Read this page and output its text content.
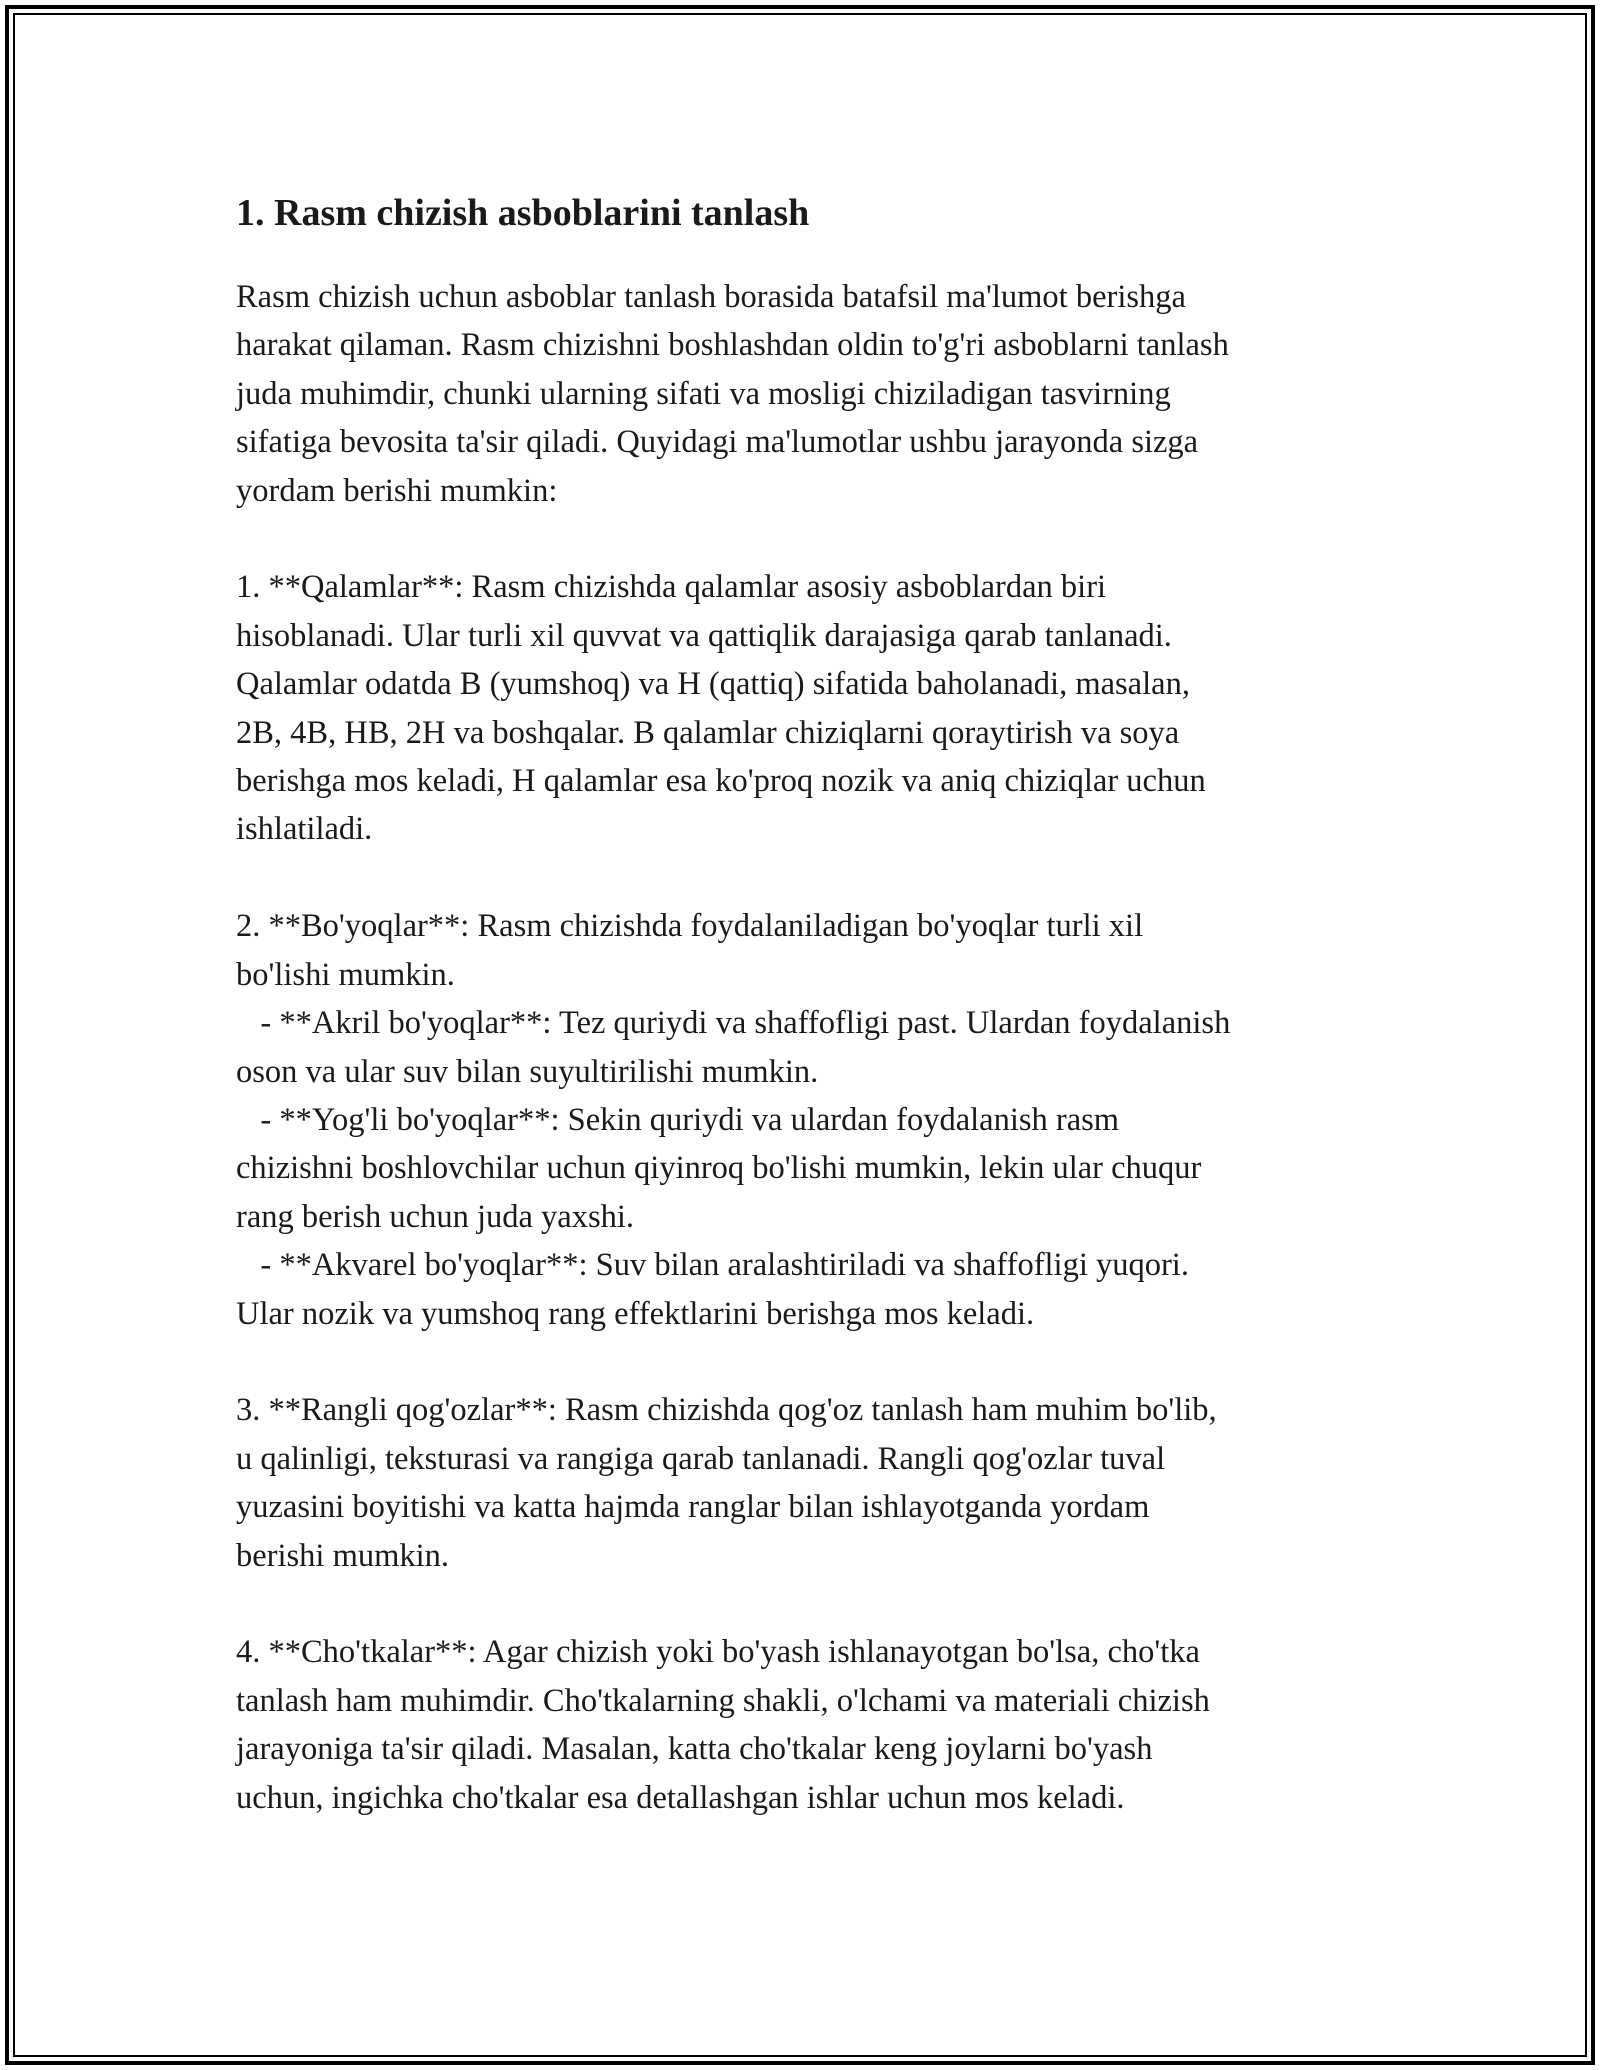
1. Rasm chizish asboblarini tanlash

Rasm chizish uchun asboblar tanlash borasida batafsil ma'lumot berishga
harakat qilaman. Rasm chizishni boshlashdan oldin to'g'ri asboblarni tanlash
juda muhimdir, chunki ularning sifati va mosligi chiziladigan tasvirning
sifatiga bevosita ta'sir qiladi. Quyidagi ma'lumotlar ushbu jarayonda sizga
yordam berishi mumkin:

1. **Qalamlar**: Rasm chizishda qalamlar asosiy asboblardan biri
hisoblanadi. Ular turli xil quvvat va qattiqlik darajasiga qarab tanlanadi.
Qalamlar odatda B (yumshoq) va H (qattiq) sifatida baholanadi, masalan,
2B, 4B, HB, 2H va boshqalar. B qalamlar chiziqlarni qoraytirish va soya
berishga mos keladi, H qalamlar esa ko'proq nozik va aniq chiziqlar uchun
ishlatiladi.

2. **Bo'yoqlar**: Rasm chizishda foydalaniladigan bo'yoqlar turli xil
bo'lishi mumkin.
- **Akril bo'yoqlar**: Tez quriydi va shaffofligi past. Ulardan foydalanish
oson va ular suv bilan suyultirilishi mumkin.
- **Yog'li bo'yoqlar**: Sekin quriydi va ulardan foydalanish rasm
chizishni boshlovchilar uchun qiyinroq bo'lishi mumkin, lekin ular chuqur
rang berish uchun juda yaxshi.
- **Akvarel bo'yoqlar**: Suv bilan aralashtiriladi va shaffofligi yuqori.
Ular nozik va yumshoq rang effektlarini berishga mos keladi.

3. **Rangli qog'ozlar**: Rasm chizishda qog'oz tanlash ham muhim bo'lib,
u qalinligi, teksturasi va rangiga qarab tanlanadi. Rangli qog'ozlar tuval
yuzasini boyitishi va katta hajmda ranglar bilan ishlayotganda yordam
berishi mumkin.

4. **Cho'tkalar**: Agar chizish yoki bo'yash ishlanayotgan bo'lsa, cho'tka
tanlash ham muhimdir. Cho'tkalarning shakli, o'lchami va materiali chizish
jarayoniga ta'sir qiladi. Masalan, katta cho'tkalar keng joylarni bo'yash
uchun, ingichka cho'tkalar esa detallashgan ishlar uchun mos keladi.
